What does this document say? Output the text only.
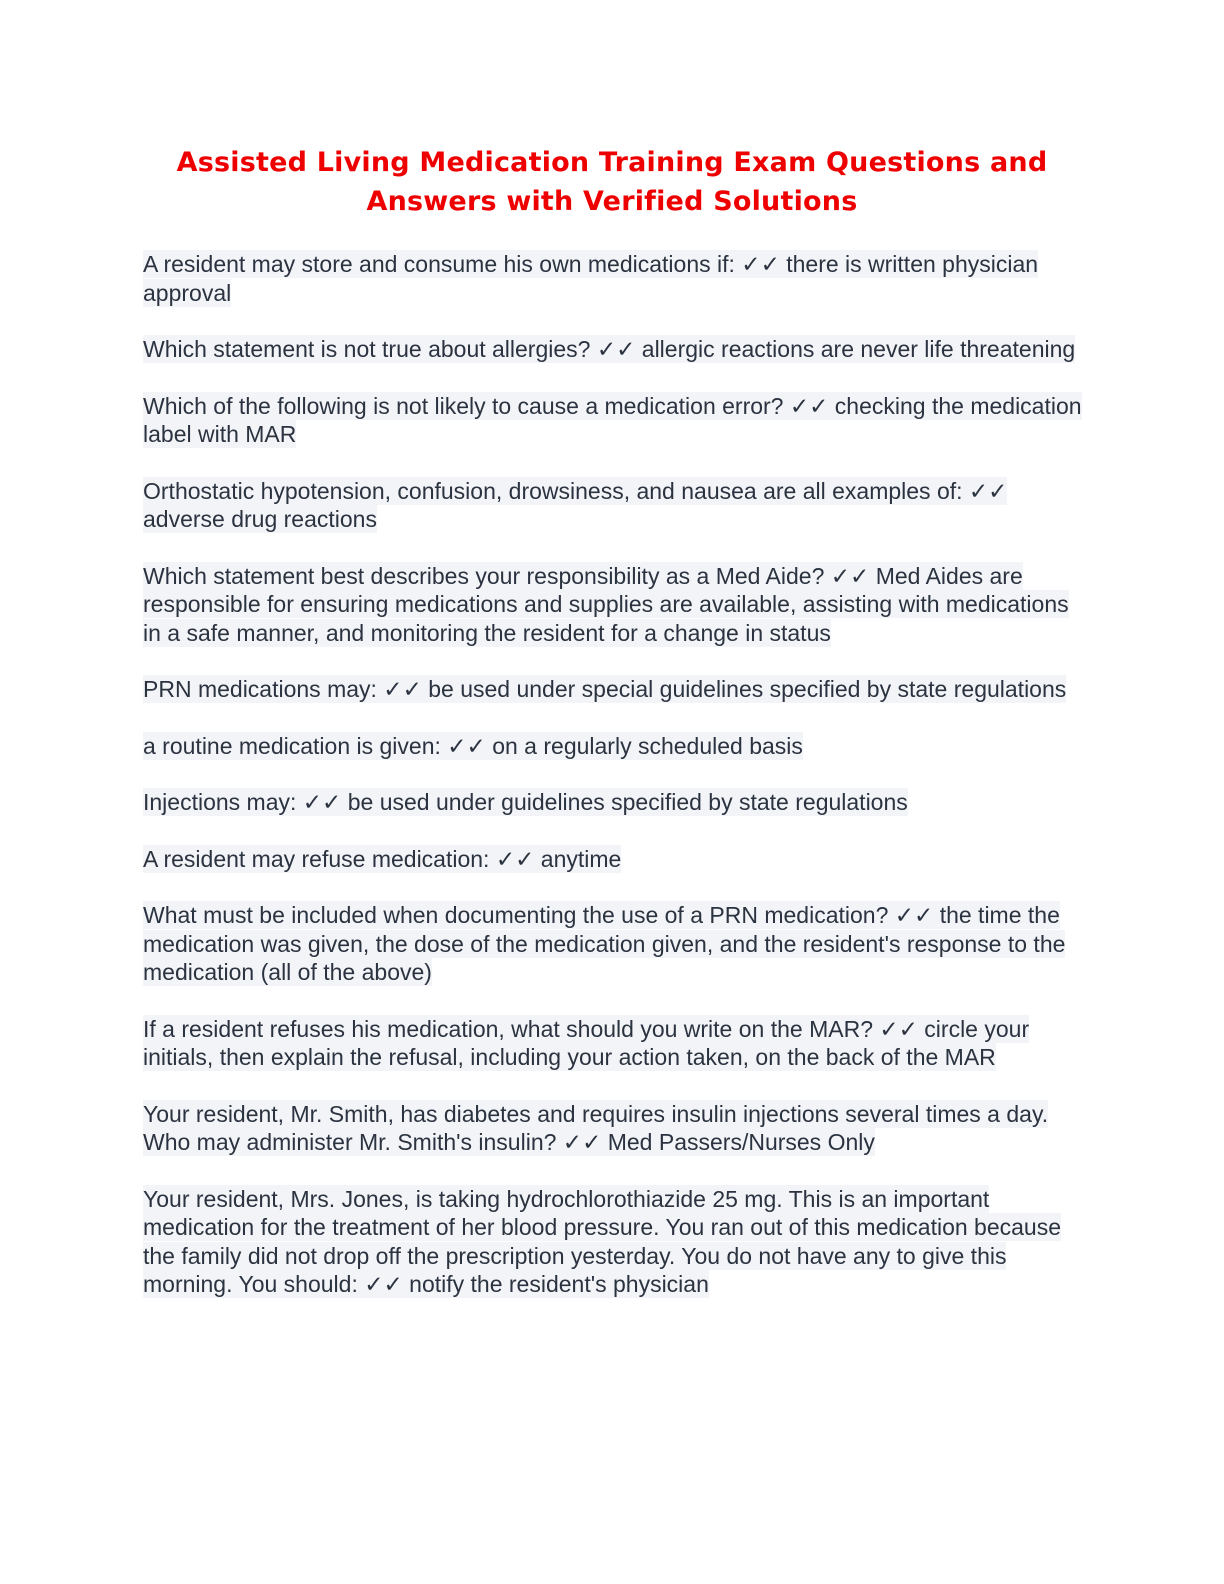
Assisted Living Medication Training Exam Questions and Answers with Verified Solutions
A resident may store and consume his own medications if: ✓✓ there is written physician approval
Which statement is not true about allergies? ✓✓ allergic reactions are never life threatening
Which of the following is not likely to cause a medication error? ✓✓ checking the medication label with MAR
Orthostatic hypotension, confusion, drowsiness, and nausea are all examples of: ✓✓ adverse drug reactions
Which statement best describes your responsibility as a Med Aide? ✓✓ Med Aides are responsible for ensuring medications and supplies are available, assisting with medications in a safe manner, and monitoring the resident for a change in status
PRN medications may: ✓✓ be used under special guidelines specified by state regulations
a routine medication is given: ✓✓ on a regularly scheduled basis
Injections may: ✓✓ be used under guidelines specified by state regulations
A resident may refuse medication: ✓✓ anytime
What must be included when documenting the use of a PRN medication? ✓✓ the time the medication was given, the dose of the medication given, and the resident's response to the medication (all of the above)
If a resident refuses his medication, what should you write on the MAR? ✓✓ circle your initials, then explain the refusal, including your action taken, on the back of the MAR
Your resident, Mr. Smith, has diabetes and requires insulin injections several times a day. Who may administer Mr. Smith's insulin? ✓✓ Med Passers/Nurses Only
Your resident, Mrs. Jones, is taking hydrochlorothiazide 25 mg. This is an important medication for the treatment of her blood pressure. You ran out of this medication because the family did not drop off the prescription yesterday. You do not have any to give this morning. You should: ✓✓ notify the resident's physician
